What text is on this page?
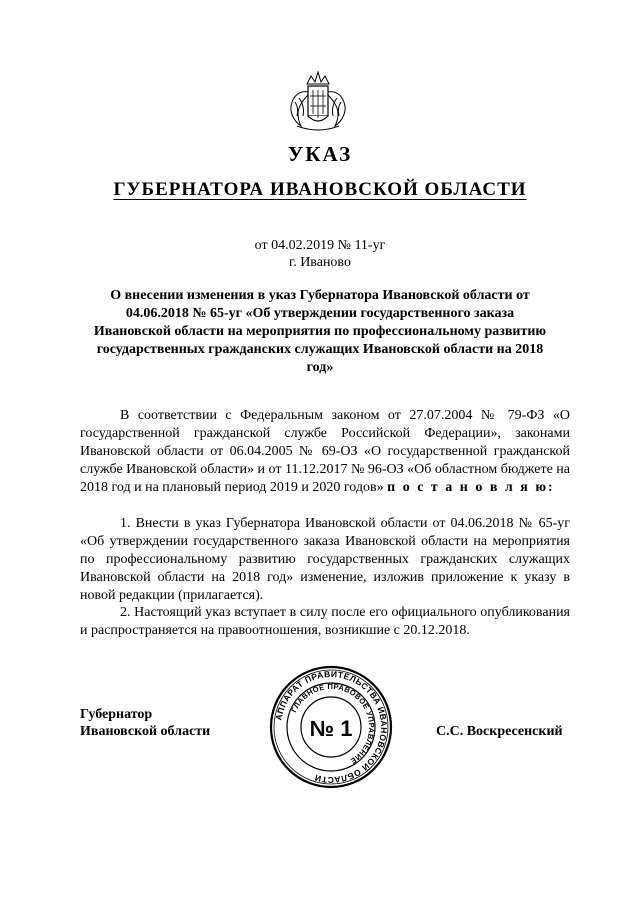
УКАЗ
ГУБЕРНАТОРА ИВАНОВСКОЙ ОБЛАСТИ
от 04.02.2019 № 11-уг
г. Иваново
О внесении изменения в указ Губернатора Ивановской области от 04.06.2018 № 65-уг «Об утверждении государственного заказа Ивановской области на мероприятия по профессиональному развитию государственных гражданских служащих Ивановской области на 2018 год»
В соответствии с Федеральным законом от 27.07.2004 № 79-ФЗ «О государственной гражданской службе Российской Федерации», законами Ивановской области от 06.04.2005 № 69-ОЗ «О государственной гражданской службе Ивановской области» и от 11.12.2017 № 96-ОЗ «Об областном бюджете на 2018 год и на плановый период 2019 и 2020 годов» п о с т а н о в л я ю:
1. Внести в указ Губернатора Ивановской области от 04.06.2018 № 65-уг «Об утверждении государственного заказа Ивановской области на мероприятия по профессиональному развитию государственных гражданских служащих Ивановской области на 2018 год» изменение, изложив приложение к указу в новой редакции (прилагается).
2. Настоящий указ вступает в силу после его официального опубликования и распространяется на правоотношения, возникшие с 20.12.2018.
Губернатор
Ивановской области
АППАРАТ ПРАВИТЕЛЬСТВА ИВАНОВСКОЙ ОБЛАСТИ
ГЛАВНОЕ ПРАВОВОЕ УПРАВЛЕНИЕ
№ 1	С.С. Воскресенский
